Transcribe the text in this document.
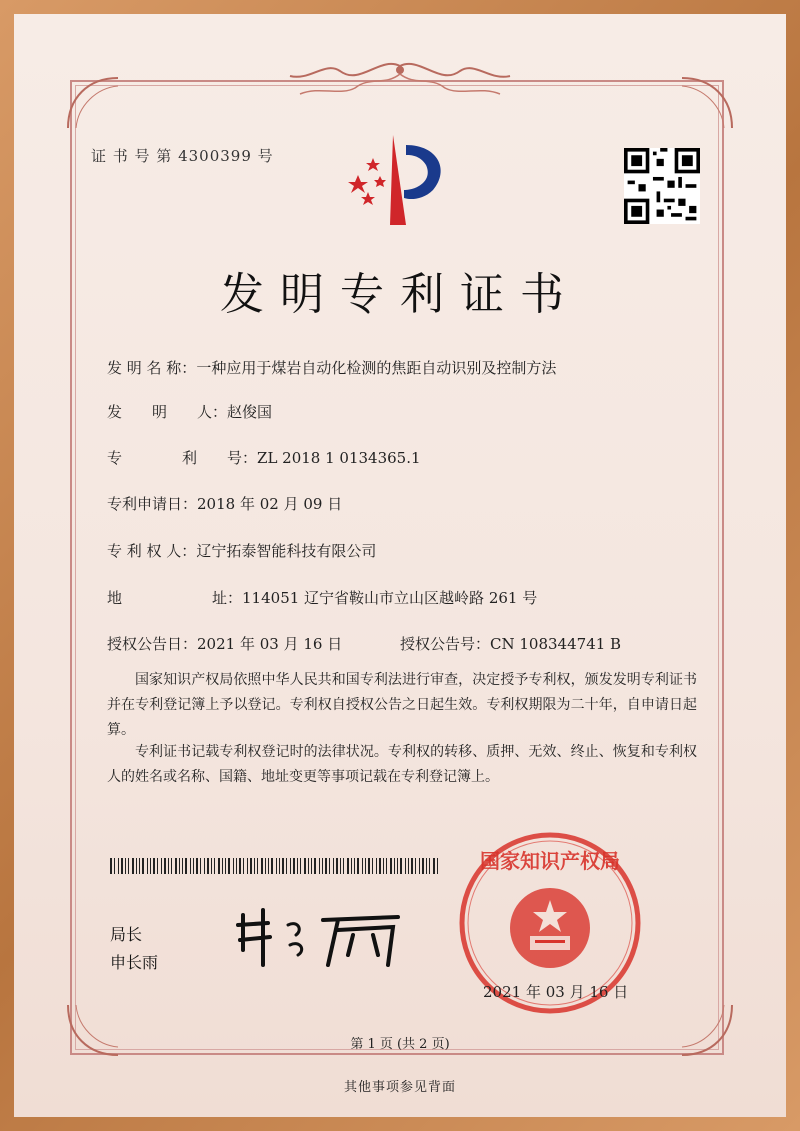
证 书 号 第 4300399 号
发明专利证书
发 明 名 称：一种应用于煤岩自动化检测的焦距自动识别及控制方法
发　　明　　人：赵俊国
专　　　　利　　号：ZL 2018 1 0134365.1
专利申请日：2018 年 02 月 09 日
专 利 权 人：辽宁拓泰智能科技有限公司
地　　　　　　址：114051 辽宁省鞍山市立山区越岭路 261 号
授权公告日：2021 年 03 月 16 日	授权公告号：CN 108344741 B
国家知识产权局依照中华人民共和国专利法进行审查，决定授予专利权，颁发发明专利证书并在专利登记簿上予以登记。专利权自授权公告之日起生效。专利权期限为二十年，自申请日起算。
专利证书记载专利权登记时的法律状况。专利权的转移、质押、无效、终止、恢复和专利权人的姓名或名称、国籍、地址变更等事项记载在专利登记簿上。
局长
申长雨
国家知识产权局
2021 年 03 月 16 日
第 1 页 (共 2 页)
其他事项参见背面
